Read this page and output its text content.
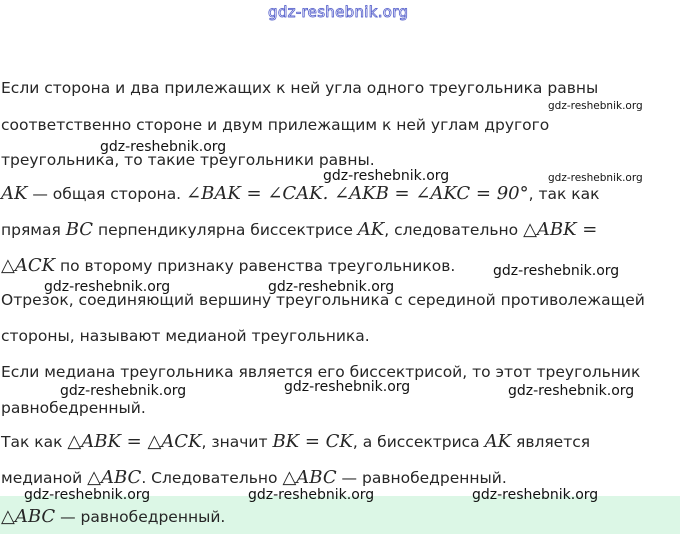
Если сторона и два прилежащих к ней угла одного треугольника равны
соответственно стороне и двум прилежащим к ней углам другого
треугольника, то такие треугольники равны.
AK — общая сторона. ∠BAK = ∠CAK. ∠AKB = ∠AKC = 90°, так как
прямая BC перпендикулярна биссектрисе AK, следовательно △ABK =
△ACK по второму признаку равенства треугольников.
Отрезок, соединяющий вершину треугольника с серединой противолежащей
стороны, называют медианой треугольника.
Если медиана треугольника является его биссектрисой, то этот треугольник
равнобедренный.
Так как △ABK = △ACK, значит BK = CK, а биссектриса AK является
медианой △ABC. Следовательно △ABC — равнобедренный.
△ABC — равнобедренный.
gdz-reshebnik.org
gdz-reshebnik.org
gdz-reshebnik.org
gdz-reshebnik.org	gdz-reshebnik.org
gdz-reshebnik.org
gdz-reshebnik.org	gdz-reshebnik.org
gdz-reshebnik.org
gdz-reshebnik.org	gdz-reshebnik.org
gdz-reshebnik.org	gdz-reshebnik.org	gdz-reshebnik.org
